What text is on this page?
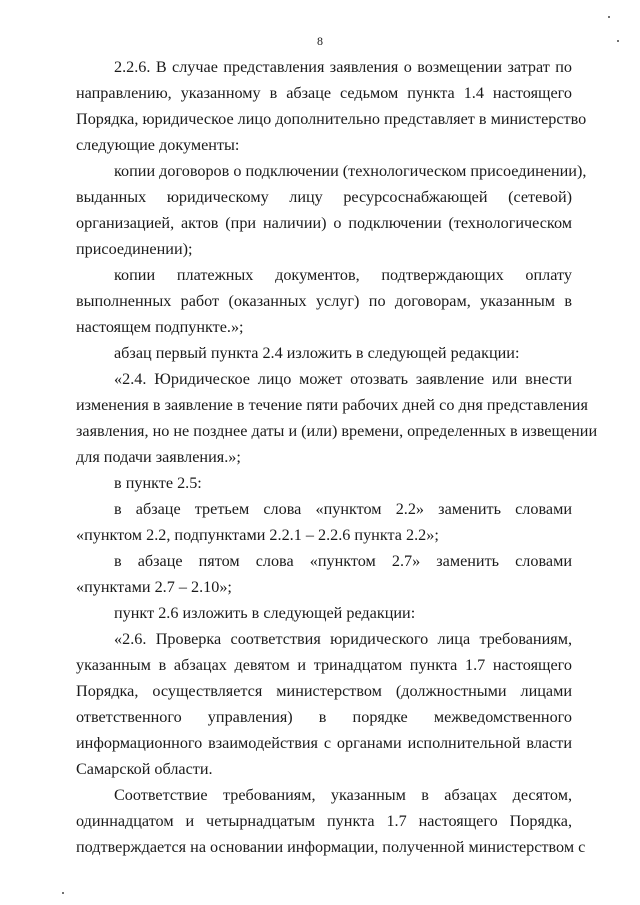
8
2.2.6. В случае представления заявления о возмещении затрат по
направлению, указанному в абзаце седьмом пункта 1.4 настоящего
Порядка, юридическое лицо дополнительно представляет в министерство
следующие документы:
копии договоров о подключении (технологическом присоединении),
выданных юридическому лицу ресурсоснабжающей (сетевой)
организацией, актов (при наличии) о подключении (технологическом
присоединении);
копии платежных документов, подтверждающих оплату
выполненных работ (оказанных услуг) по договорам, указанным в
настоящем подпункте.»;
абзац первый пункта 2.4 изложить в следующей редакции:
«2.4. Юридическое лицо может отозвать заявление или внести
изменения в заявление в течение пяти рабочих дней со дня представления
заявления, но не позднее даты и (или) времени, определенных в извещении
для подачи заявления.»;
в пункте 2.5:
в абзаце третьем слова «пунктом 2.2» заменить словами
«пунктом 2.2, подпунктами 2.2.1 – 2.2.6 пункта 2.2»;
в абзаце пятом слова «пунктом 2.7» заменить словами
«пунктами 2.7 – 2.10»;
пункт 2.6 изложить в следующей редакции:
«2.6. Проверка соответствия юридического лица требованиям,
указанным в абзацах девятом и тринадцатом пункта 1.7 настоящего
Порядка, осуществляется министерством (должностными лицами
ответственного управления) в порядке межведомственного
информационного взаимодействия с органами исполнительной власти
Самарской области.
Соответствие требованиям, указанным в абзацах десятом,
одиннадцатом и четырнадцатым пункта 1.7 настоящего Порядка,
подтверждается на основании информации, полученной министерством с
